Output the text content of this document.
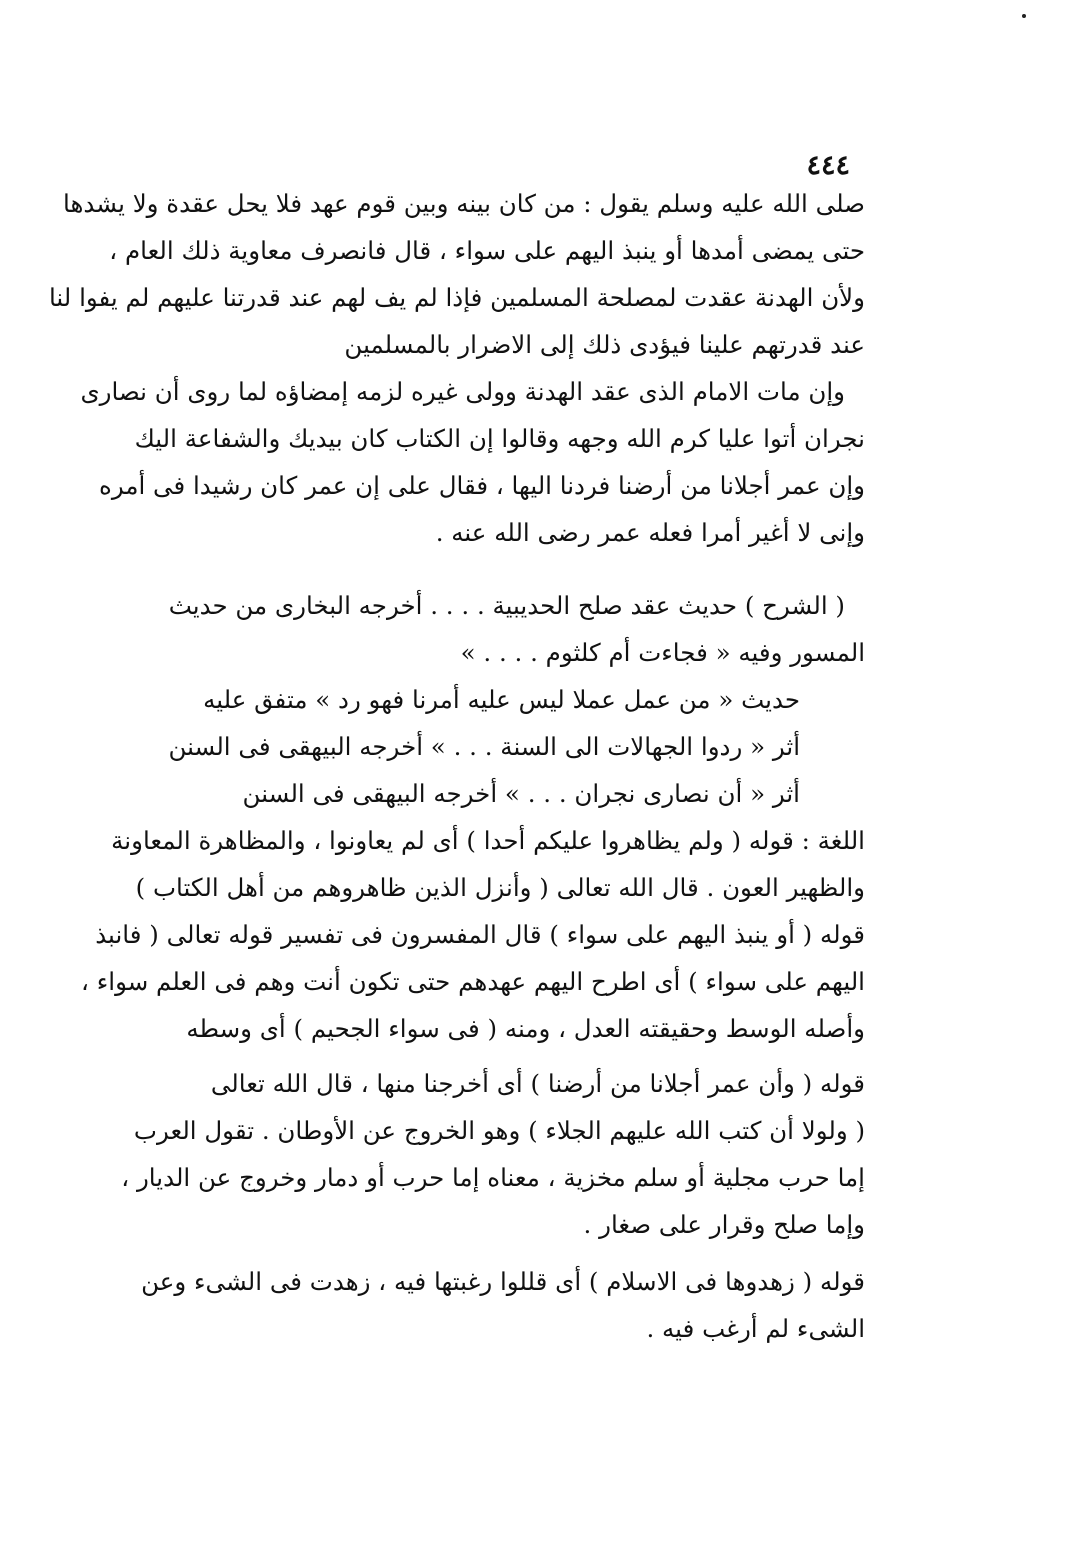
٤٤٤
صلى الله عليه وسلم يقول : من كان بينه وبين قوم عهد فلا يحل عقدة ولا يشدها
حتى يمضى أمدها أو ينبذ اليهم على سواء ، قال فانصرف معاوية ذلك العام ،
ولأن الهدنة عقدت لمصلحة المسلمين فإذا لم يف لهم عند قدرتنا عليهم لم يفوا لنا
عند قدرتهم علينا فيؤدى ذلك إلى الاضرار بالمسلمين
وإن مات الامام الذى عقد الهدنة وولى غيره لزمه إمضاؤه لما روى أن نصارى
نجران أتوا عليا كرم الله وجهه وقالوا إن الكتاب كان بيديك والشفاعة اليك
وإن عمر أجلانا من أرضنا فردنا اليها ، فقال على إن عمر كان رشيدا فى أمره
وإنى لا أغير أمرا فعله عمر رضى الله عنه .
( الشرح ) حديث عقد صلح الحديبية . . . . أخرجه البخارى من حديث
المسور وفيه « فجاءت أم كلثوم . . . . »
حديث « من عمل عملا ليس عليه أمرنا فهو رد » متفق عليه
أثر « ردوا الجهالات الى السنة . . . » أخرجه البيهقى فى السنن
أثر « أن نصارى نجران . . . » أخرجه البيهقى فى السنن
اللغة : قوله ( ولم يظاهروا عليكم أحدا ) أى لم يعاونوا ، والمظاهرة المعاونة
والظهير العون . قال الله تعالى ( وأنزل الذين ظاهروهم من أهل الكتاب )
قوله ( أو ينبذ اليهم على سواء ) قال المفسرون فى تفسير قوله تعالى ( فانبذ
اليهم على سواء ) أى اطرح اليهم عهدهم حتى تكون أنت وهم فى العلم سواء ،
وأصله الوسط وحقيقته العدل ، ومنه ( فى سواء الجحيم ) أى وسطه
قوله ( وأن عمر أجلانا من أرضنا ) أى أخرجنا منها ، قال الله تعالى
( ولولا أن كتب الله عليهم الجلاء ) وهو الخروج عن الأوطان . تقول العرب
إما حرب مجلية أو سلم مخزية ، معناه إما حرب أو دمار وخروج عن الديار ،
وإما صلح وقرار على صغار .
قوله ( زهدوها فى الاسلام ) أى قللوا رغبتها فيه ، زهدت فى الشىء وعن
الشىء لم أرغب فيه .
